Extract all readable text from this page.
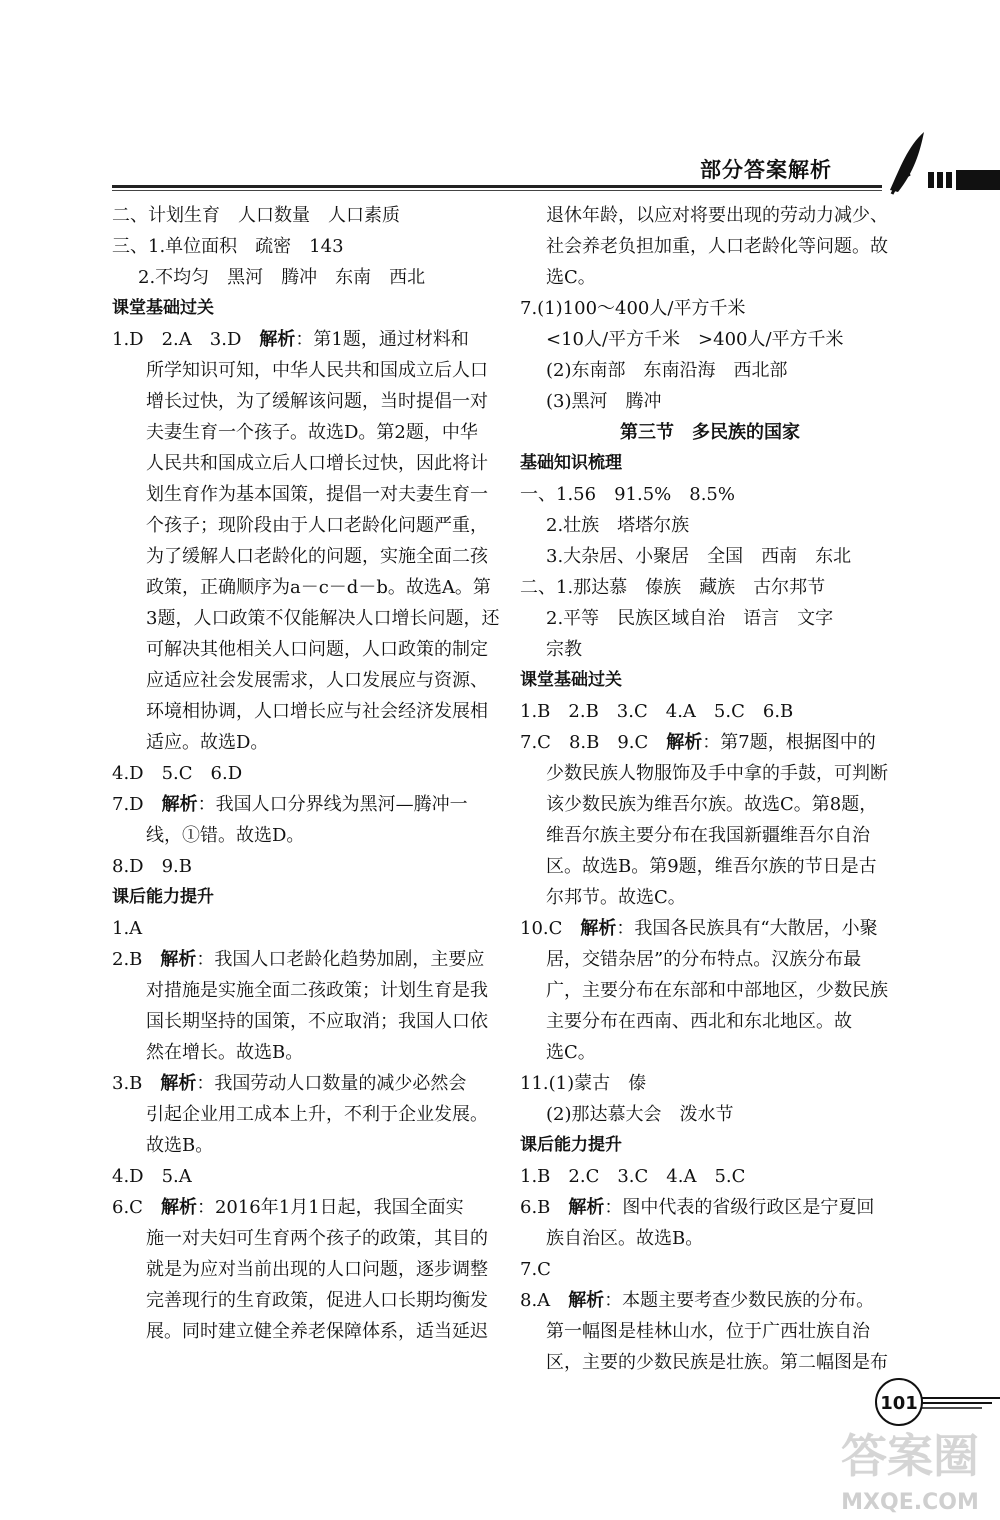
部分答案解析
二、计划生育　人口数量　人口素质
三、1.单位面积　疏密　143
2.不均匀　黑河　腾冲　东南　西北
课堂基础过关
1.D　2.A　3.D　解析：第1题，通过材料和
所学知识可知，中华人民共和国成立后人口
增长过快，为了缓解该问题，当时提倡一对
夫妻生育一个孩子。故选D。第2题，中华
人民共和国成立后人口增长过快，因此将计
划生育作为基本国策，提倡一对夫妻生育一
个孩子；现阶段由于人口老龄化问题严重，
为了缓解人口老龄化的问题，实施全面二孩
政策，正确顺序为a－c－d－b。故选A。第
3题，人口政策不仅能解决人口增长问题，还
可解决其他相关人口问题，人口政策的制定
应适应社会发展需求，人口发展应与资源、
环境相协调，人口增长应与社会经济发展相
适应。故选D。
4.D　5.C　6.D
7.D　解析：我国人口分界线为黑河—腾冲一
线，①错。故选D。
8.D　9.B
课后能力提升
1.A
2.B　解析：我国人口老龄化趋势加剧，主要应
对措施是实施全面二孩政策；计划生育是我
国长期坚持的国策，不应取消；我国人口依
然在增长。故选B。
3.B　解析：我国劳动人口数量的减少必然会
引起企业用工成本上升，不利于企业发展。
故选B。
4.D　5.A
6.C　解析：2016年1月1日起，我国全面实
施一对夫妇可生育两个孩子的政策，其目的
就是为应对当前出现的人口问题，逐步调整
完善现行的生育政策，促进人口长期均衡发
展。同时建立健全养老保障体系，适当延迟
退休年龄，以应对将要出现的劳动力减少、
社会养老负担加重，人口老龄化等问题。故
选C。
7.(1)100～400人/平方千米
<10人/平方千米　>400人/平方千米
(2)东南部　东南沿海　西北部
(3)黑河　腾冲
第三节　多民族的国家
基础知识梳理
一、1.56　91.5%　8.5%
2.壮族　塔塔尔族
3.大杂居、小聚居　全国　西南　东北
二、1.那达慕　傣族　藏族　古尔邦节
2.平等　民族区域自治　语言　文字
宗教
课堂基础过关
1.B　2.B　3.C　4.A　5.C　6.B
7.C　8.B　9.C　解析：第7题，根据图中的
少数民族人物服饰及手中拿的手鼓，可判断
该少数民族为维吾尔族。故选C。第8题，
维吾尔族主要分布在我国新疆维吾尔自治
区。故选B。第9题，维吾尔族的节日是古
尔邦节。故选C。
10.C　解析：我国各民族具有“大散居，小聚
居，交错杂居”的分布特点。汉族分布最
广，主要分布在东部和中部地区，少数民族
主要分布在西南、西北和东北地区。故
选C。
11.(1)蒙古　傣
(2)那达慕大会　泼水节
课后能力提升
1.B　2.C　3.C　4.A　5.C
6.B　解析：图中代表的省级行政区是宁夏回
族自治区。故选B。
7.C
8.A　解析：本题主要考查少数民族的分布。
第一幅图是桂林山水，位于广西壮族自治
区，主要的少数民族是壮族。第二幅图是布
101
答案圈
MXQE.COM
